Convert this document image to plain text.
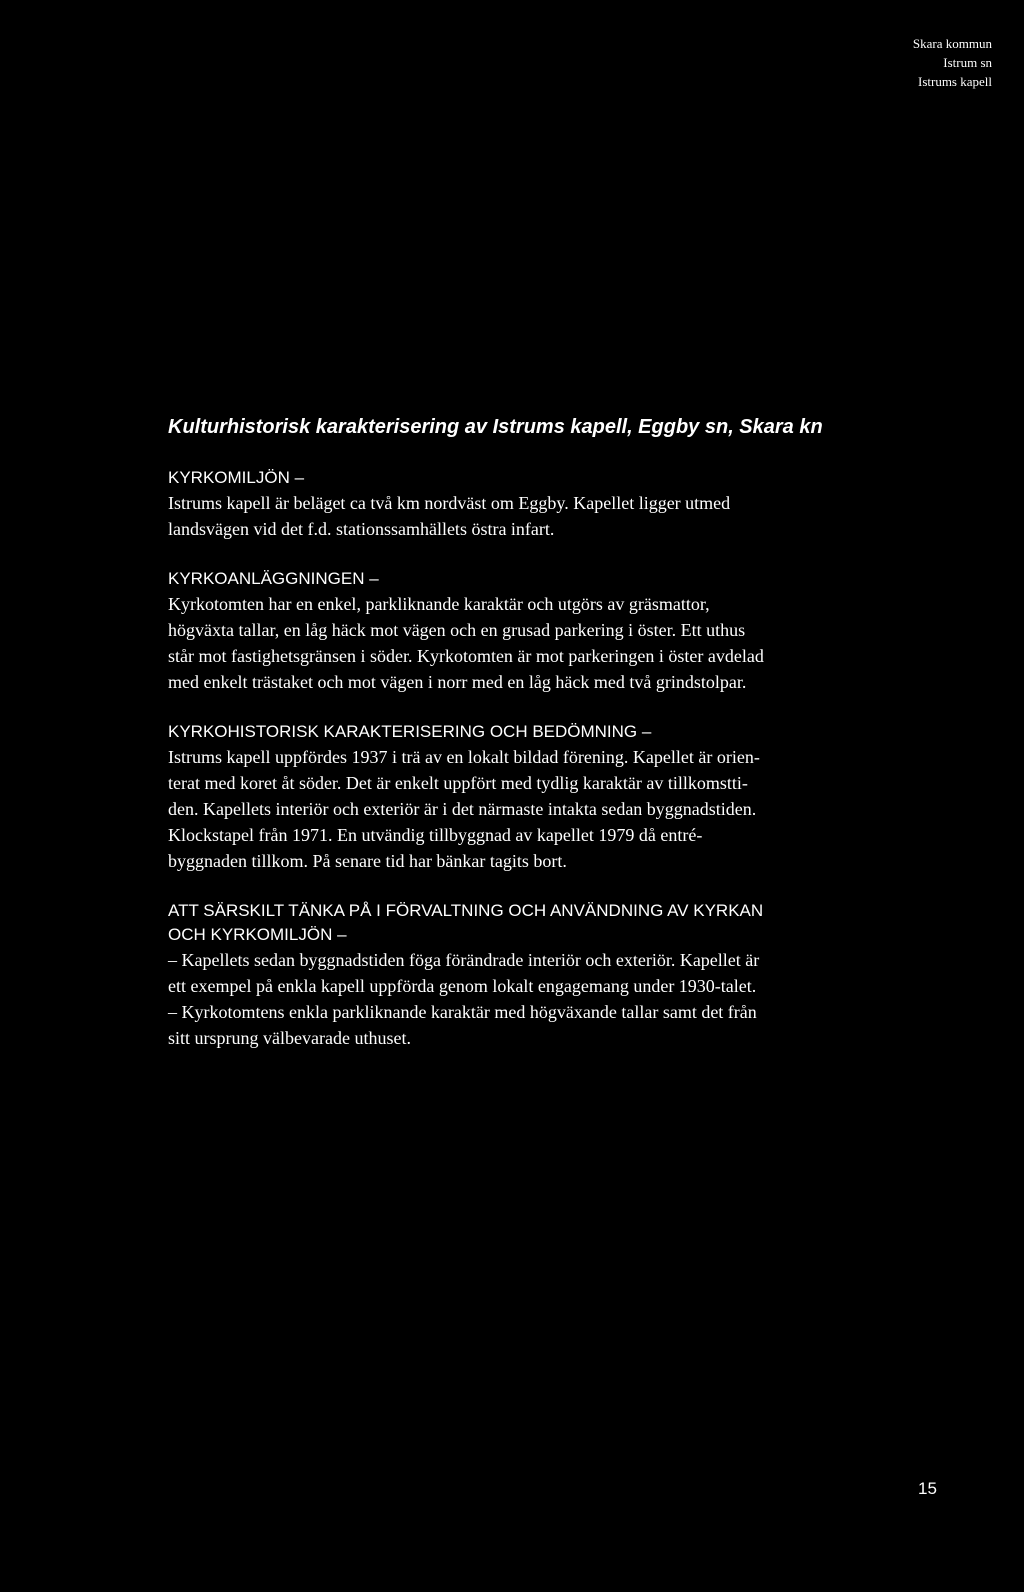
Skara kommun
Istrum sn
Istrums kapell
Kulturhistorisk karakterisering av Istrums kapell, Eggby sn, Skara kn

KYRKOMILJÖN –

Istrums kapell är beläget ca två km nordväst om Eggby. Kapellet ligger utmed
landsvägen vid det f.d. stationssamhällets östra infart.

KYRKOANLÄGGNINGEN –

Kyrkotomten har en enkel, parkliknande karaktär och utgörs av gräsmattor,
högväxta tallar, en låg häck mot vägen och en grusad parkering i öster. Ett uthus
står mot fastighetsgränsen i söder. Kyrkotomten är mot parkeringen i öster avdelad
med enkelt trästaket och mot vägen i norr med en låg häck med två grindstolpar.

KYRKOHISTORISK KARAKTERISERING OCH BEDÖMNING –

Istrums kapell uppfördes 1937 i trä av en lokalt bildad förening. Kapellet är orien-
terat med koret åt söder. Det är enkelt uppfört med tydlig karaktär av tillkomstti-
den. Kapellets interiör och exteriör är i det närmaste intakta sedan byggnadstiden.
Klockstapel från 1971. En utvändig tillbyggnad av kapellet 1979 då entré-
byggnaden tillkom. På senare tid har bänkar tagits bort.

ATT SÄRSKILT TÄNKA PÅ I FÖRVALTNING OCH ANVÄNDNING AV KYRKAN

OCH KYRKOMILJÖN –

– Kapellets sedan byggnadstiden föga förändrade interiör och exteriör. Kapellet är
ett exempel på enkla kapell uppförda genom lokalt engagemang under 1930-talet.
– Kyrkotomtens enkla parkliknande karaktär med högväxande tallar samt det från
sitt ursprung välbevarade uthuset.

15
